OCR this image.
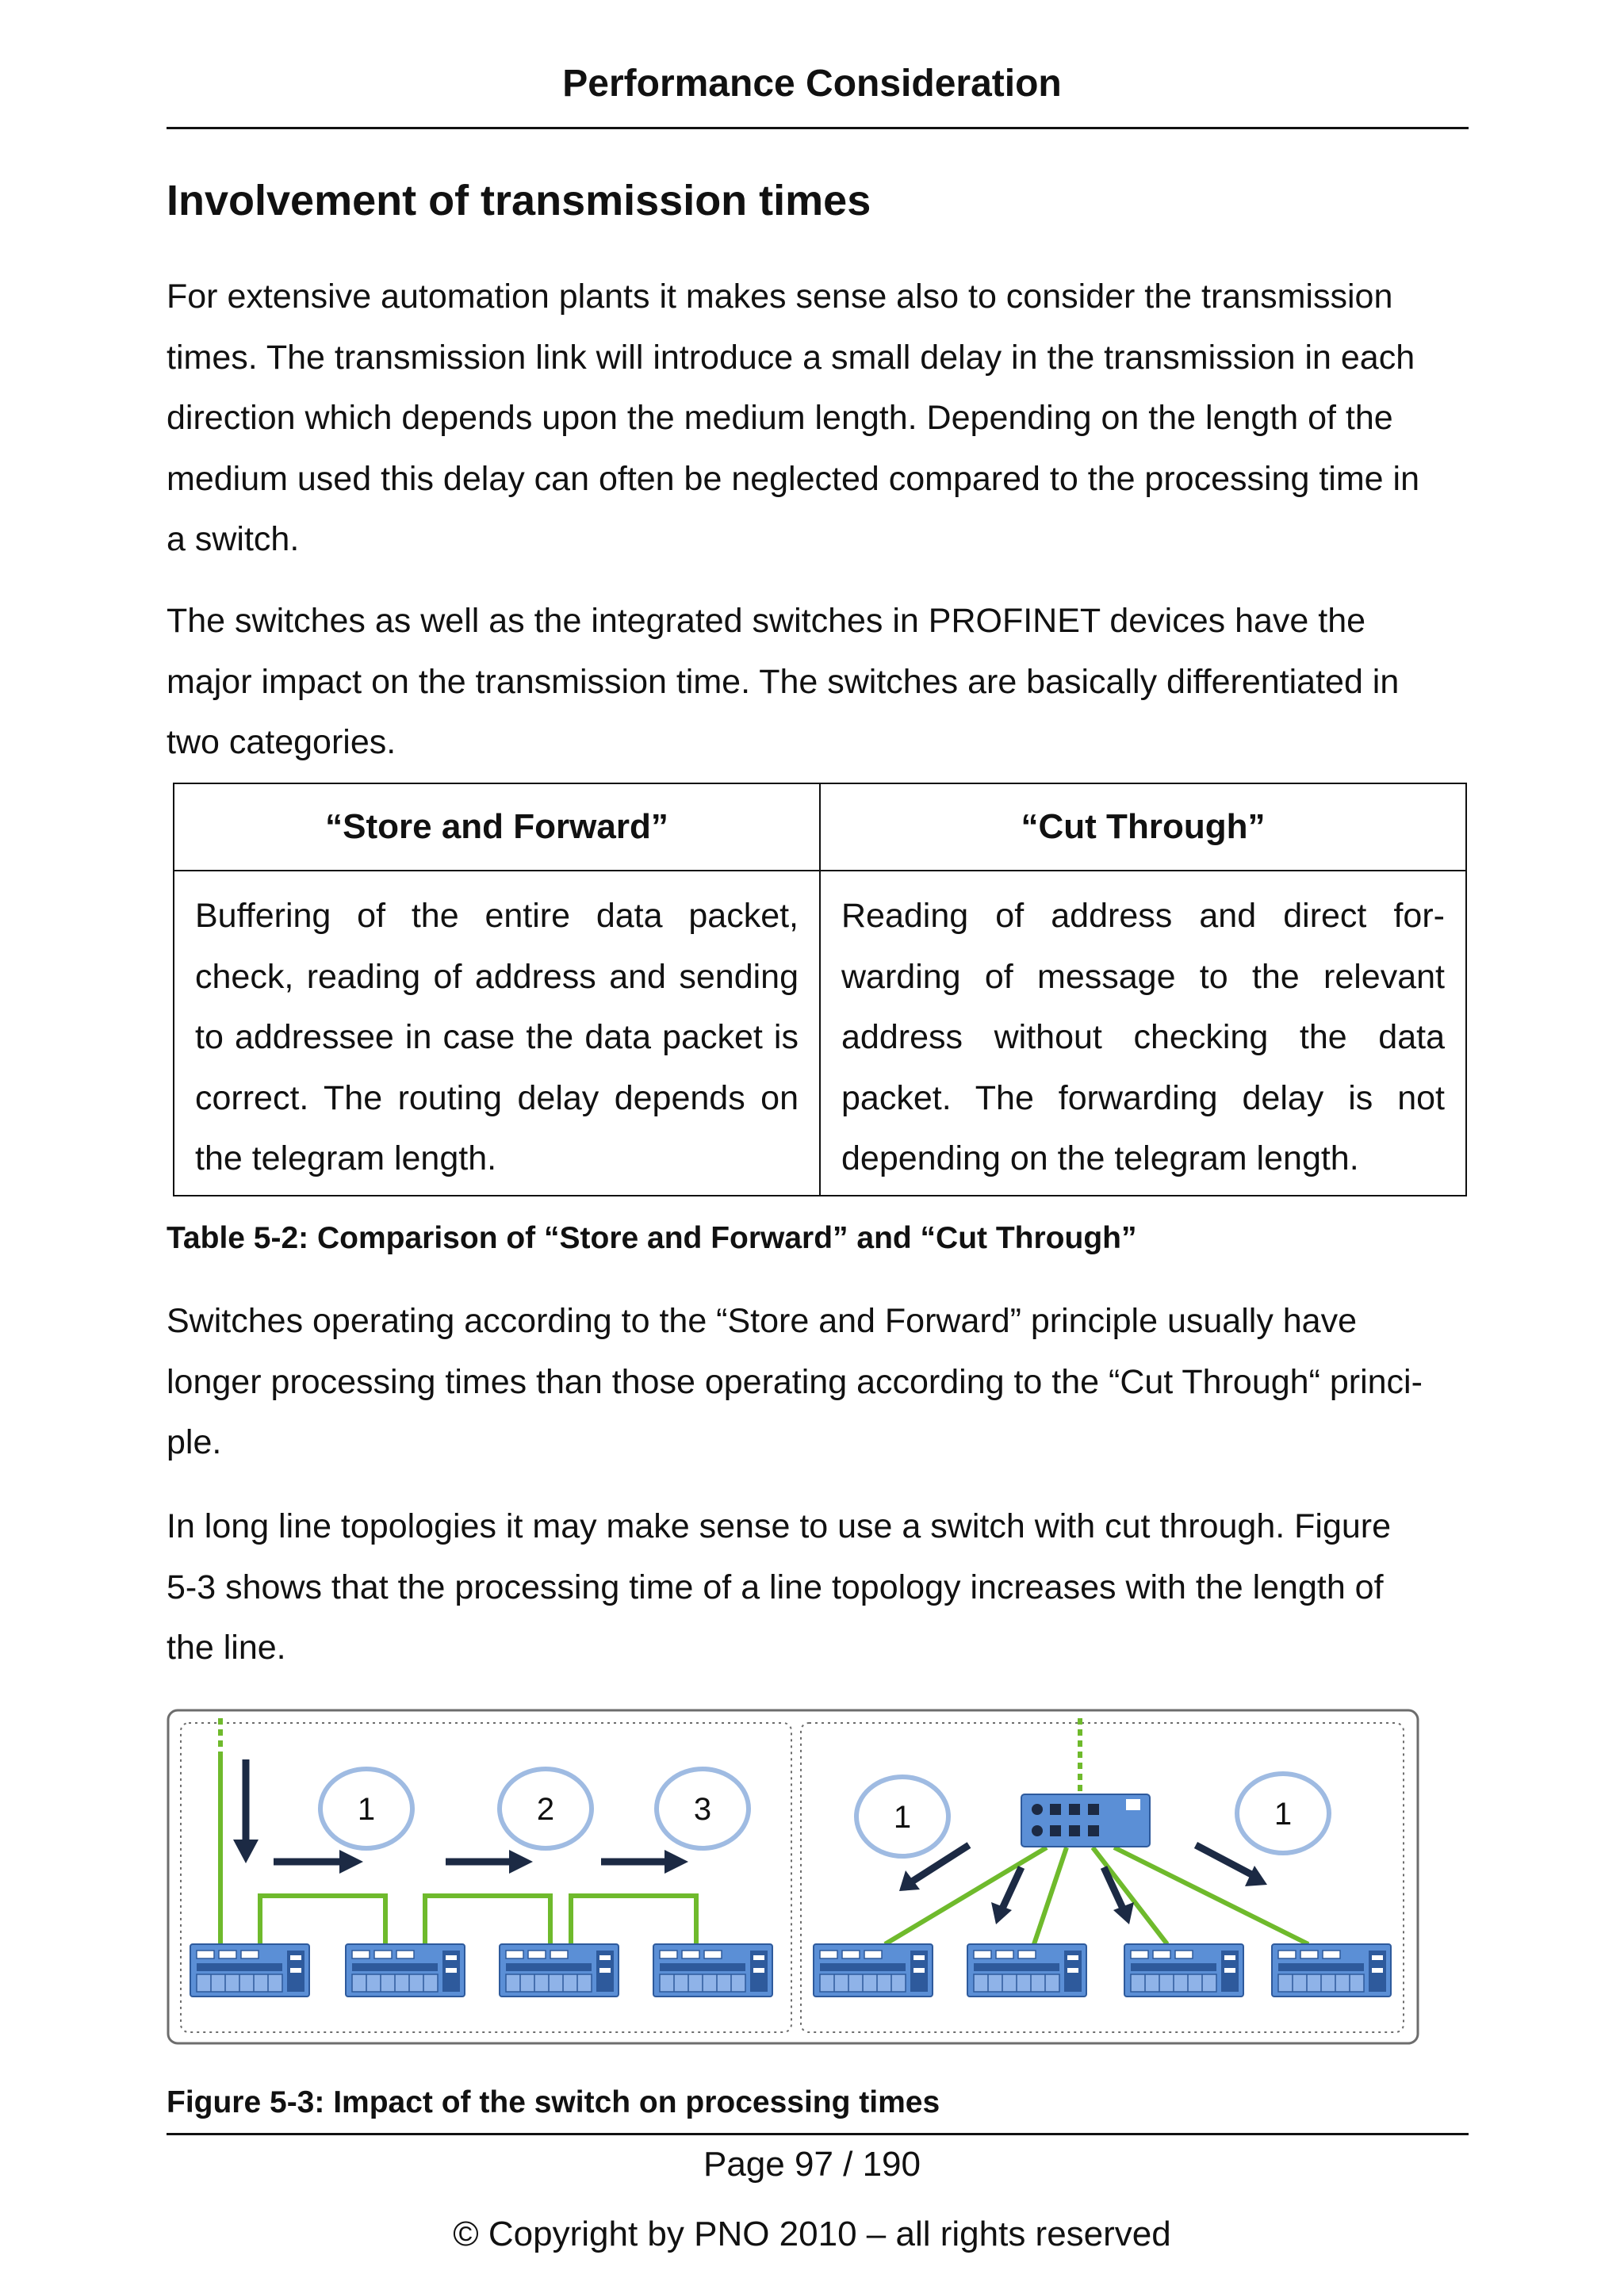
Performance Consideration
Involvement of transmission times
For extensive automation plants it makes sense also to consider the transmission
times. The transmission link will introduce a small delay in the transmission in each
direction which depends upon the medium length. Depending on the length of the
medium used this delay can often be neglected compared to the processing time in
a switch.
The switches as well as the integrated switches in PROFINET devices have the
major impact on the transmission time. The switches are basically differentiated in
two categories.
“Store and Forward”	“Cut Through”
Buffering of the entire data packet, check, reading of address and sending to addressee in case the data packet is correct. The routing delay depends on the telegram length.	Reading of address and direct for-warding of message to the relevant address without checking the data packet. The forwarding delay is not depending on the telegram length.
Table 5-2: Comparison of “Store and Forward” and “Cut Through”
Switches operating according to the “Store and Forward” principle usually have
longer processing times than those operating according to the “Cut Through“ princi-
ple.
In long line topologies it may make sense to use a switch with cut through. Figure
5-3 shows that the processing time of a line topology increases with the length of
the line.
1	2	3	1	1
Figure 5-3: Impact of the switch on processing times
Page 97 / 190
© Copyright by PNO 2010 – all rights reserved
